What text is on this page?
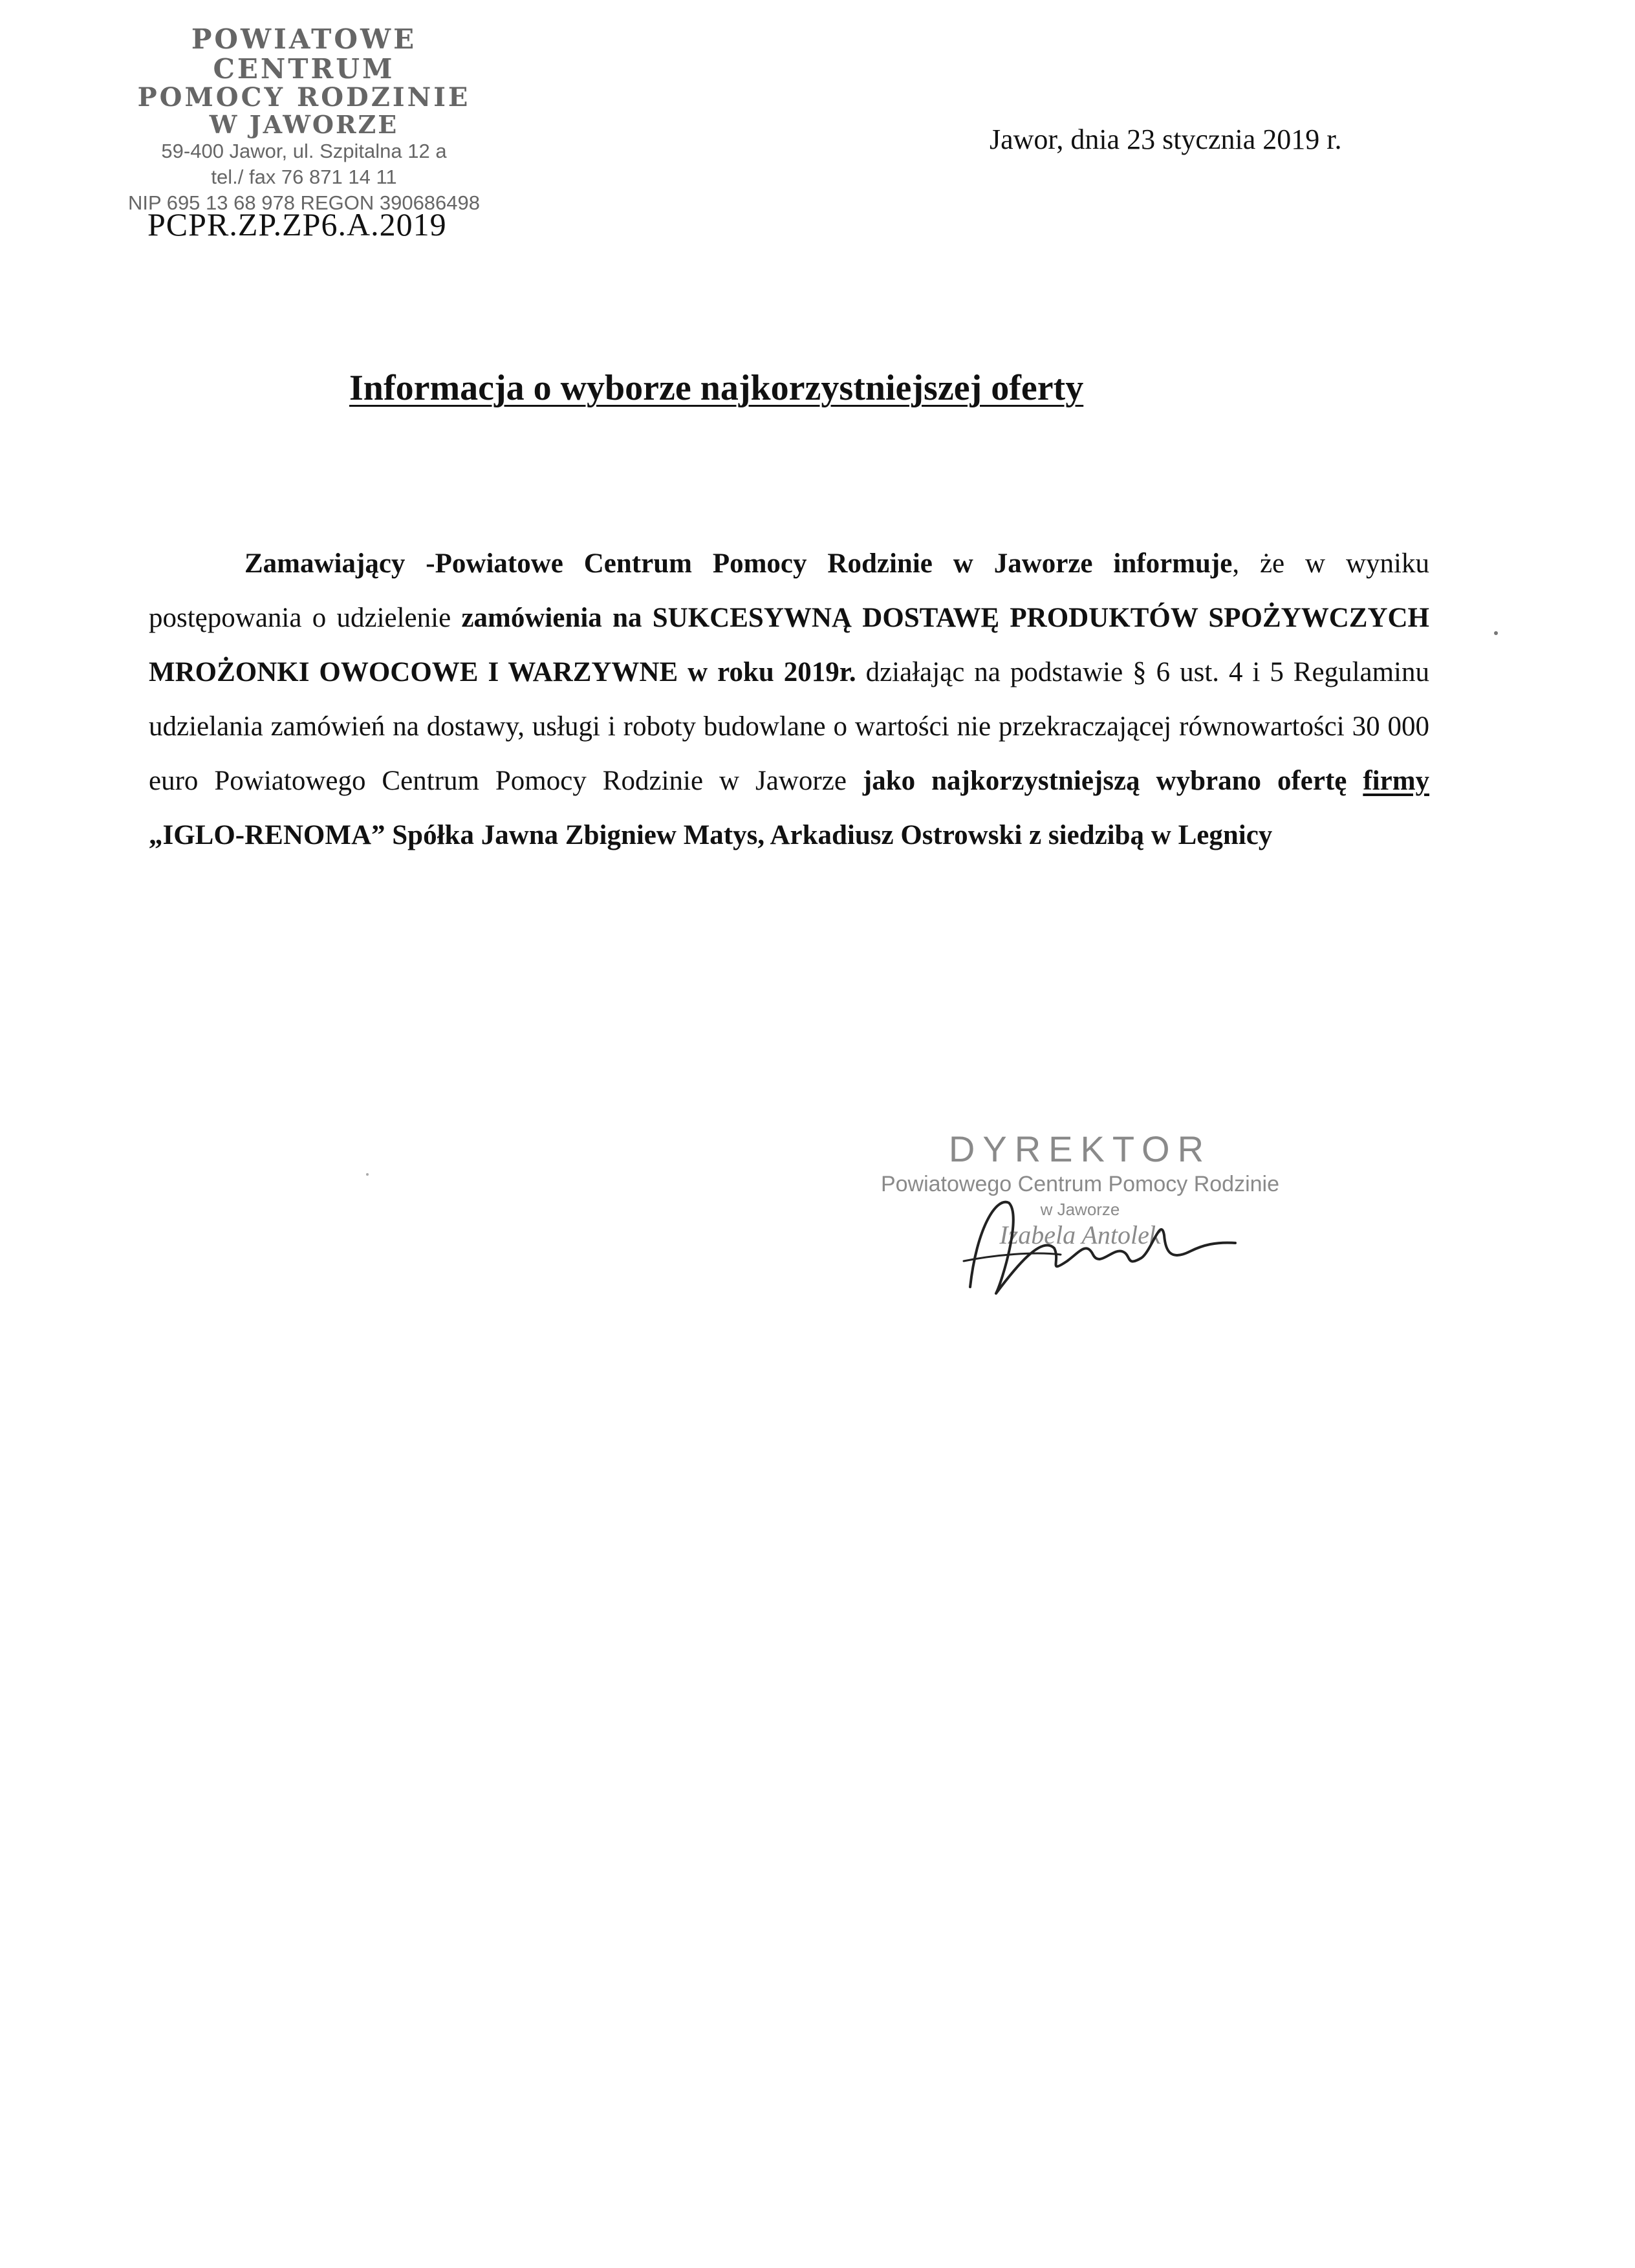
POWIATOWE CENTRUM
POMOCY RODZINIE
W JAWORZE
59-400 Jawor, ul. Szpitalna 12 a
tel./ fax 76 871 14 11
NIP 695 13 68 978 REGON 390686498
Jawor, dnia 23 stycznia 2019 r.
PCPR.ZP.ZP6.A.2019
Informacja o wyborze najkorzystniejszej oferty
Zamawiający -Powiatowe Centrum Pomocy Rodzinie w Jaworze informuje, że w wyniku postępowania o udzielenie zamówienia na SUKCESYWNĄ DOSTAWĘ PRODUKTÓW SPOŻYWCZYCH MROŻONKI OWOCOWE I WARZYWNE w roku 2019r. działając na podstawie § 6 ust. 4 i 5 Regulaminu udzielania zamówień na dostawy, usługi i roboty budowlane o wartości nie przekraczającej równowartości 30 000 euro Powiatowego Centrum Pomocy Rodzinie w Jaworze jako najkorzystniejszą wybrano ofertę firmy „IGLO-RENOMA” Spółka Jawna Zbigniew Matys, Arkadiusz Ostrowski z siedzibą w Legnicy
DYREKTOR
Powiatowego Centrum Pomocy Rodzinie
w Jaworze
Izabela Antolek
